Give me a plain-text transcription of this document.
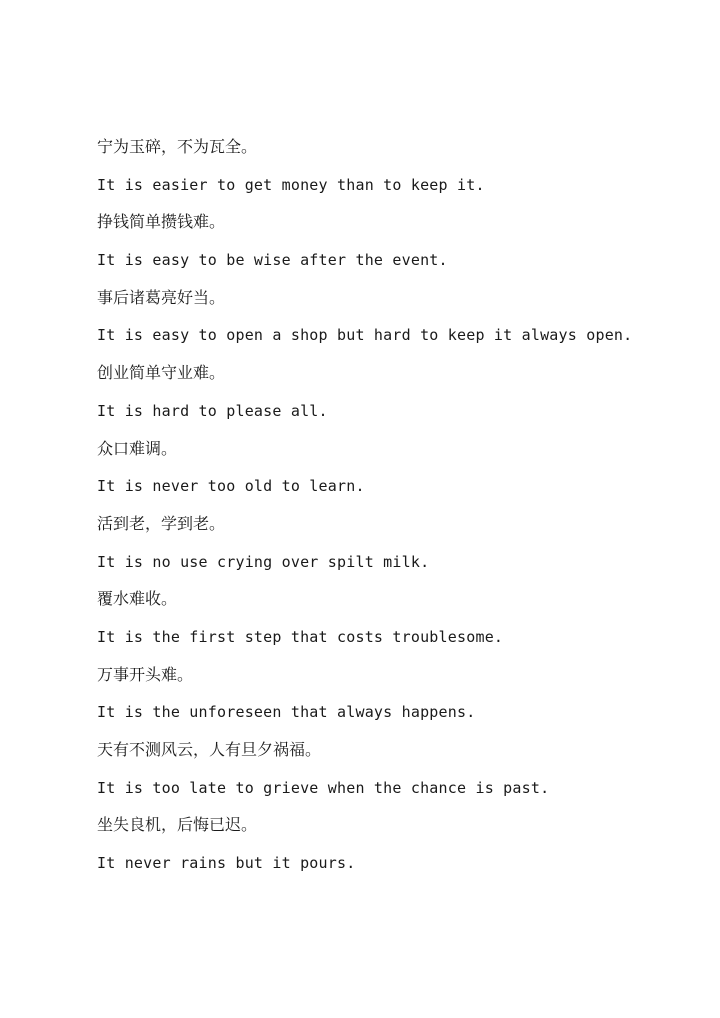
宁为玉碎，不为瓦全。
It is easier to get money than to keep it.
挣钱简单攒钱难。
It is easy to be wise after the event.
事后诸葛亮好当。
It is easy to open a shop but hard to keep it always open.
创业简单守业难。
It is hard to please all.
众口难调。
It is never too old to learn.
活到老，学到老。
It is no use crying over spilt milk.
覆水难收。
It is the first step that costs troublesome.
万事开头难。
It is the unforeseen that always happens.
天有不测风云，人有旦夕祸福。
It is too late to grieve when the chance is past.
坐失良机，后悔已迟。
It never rains but it pours.
